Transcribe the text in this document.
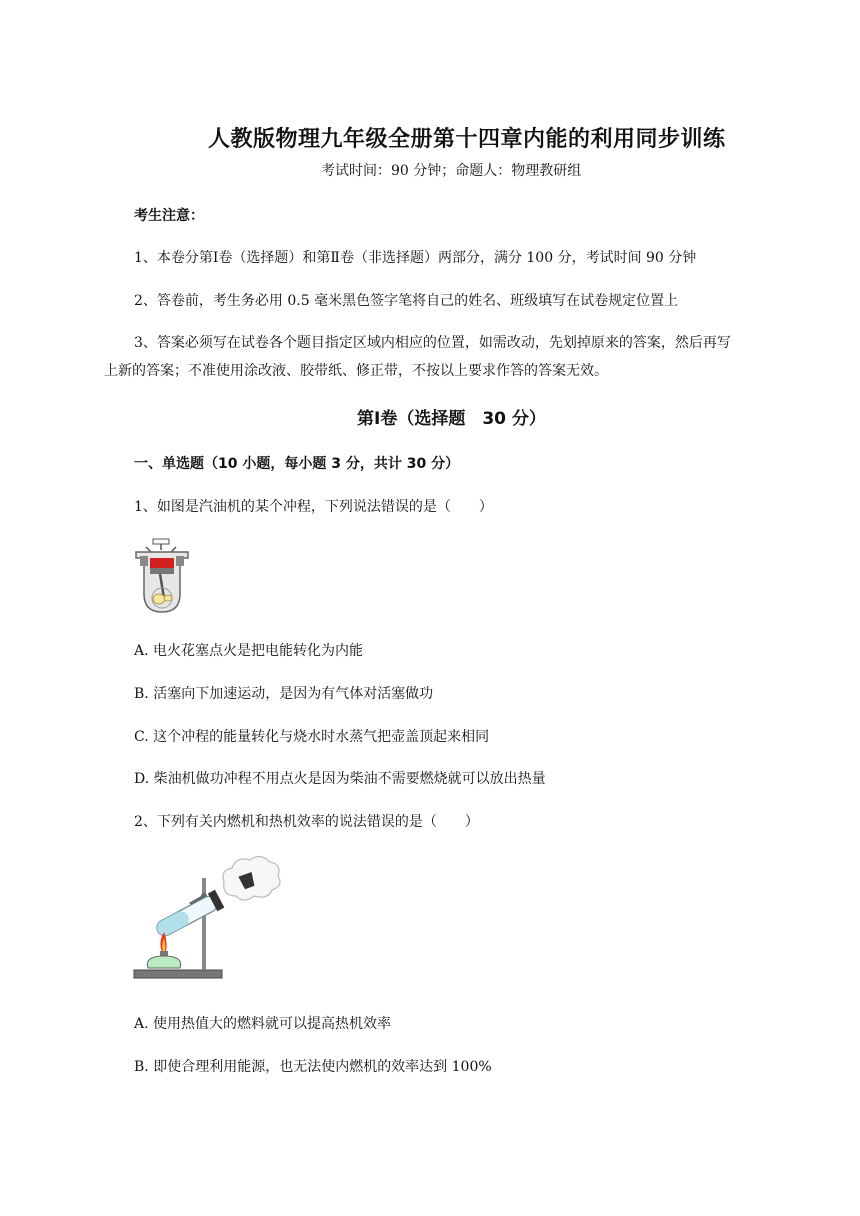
人教版物理九年级全册第十四章内能的利用同步训练
考试时间：90 分钟；命题人：物理教研组
考生注意：
1、本卷分第Ⅰ卷（选择题）和第Ⅱ卷（非选择题）两部分，满分 100 分，考试时间 90 分钟
2、答卷前，考生务必用 0.5 毫米黑色签字笔将自己的姓名、班级填写在试卷规定位置上
3、答案必须写在试卷各个题目指定区域内相应的位置，如需改动，先划掉原来的答案，然后再写
上新的答案；不准使用涂改液、胶带纸、修正带，不按以上要求作答的答案无效。
第Ⅰ卷（选择题　30 分）
一、单选题（10 小题，每小题 3 分，共计 30 分）
1、如图是汽油机的某个冲程，下列说法错误的是（　　）
A. 电火花塞点火是把电能转化为内能
B. 活塞向下加速运动，是因为有气体对活塞做功
C. 这个冲程的能量转化与烧水时水蒸气把壶盖顶起来相同
D. 柴油机做功冲程不用点火是因为柴油不需要燃烧就可以放出热量
2、下列有关内燃机和热机效率的说法错误的是（　　）
A. 使用热值大的燃料就可以提高热机效率
B. 即使合理利用能源，也无法使内燃机的效率达到 100%
